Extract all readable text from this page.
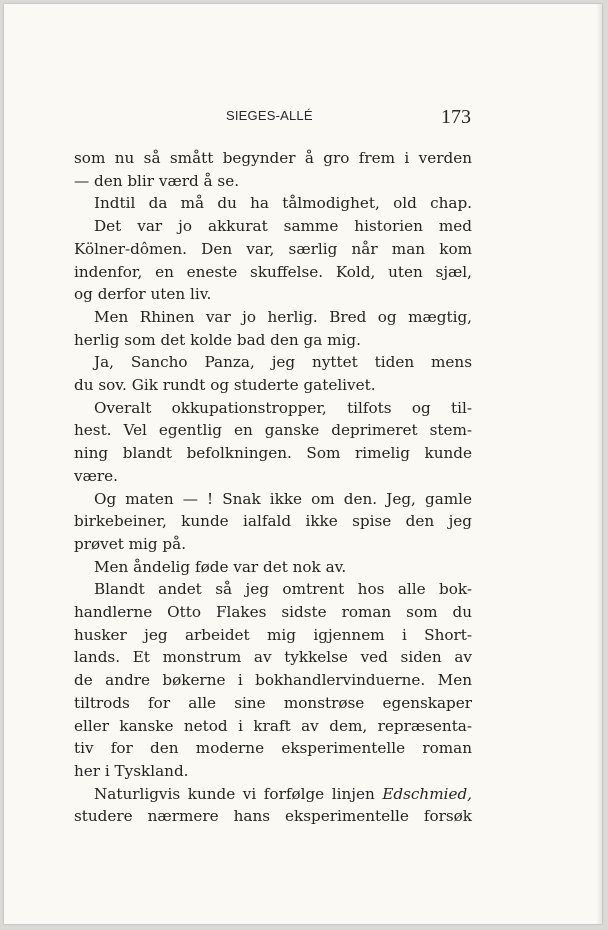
SIEGES-ALLÉ	173
som nu så smått begynder å gro frem i verden
— den blir værd å se.
Indtil da må du ha tålmodighet, old chap.
Det var jo akkurat samme historien med
Kölner-dômen. Den var, særlig når man kom
indenfor, en eneste skuffelse. Kold, uten sjæl,
og derfor uten liv.
Men Rhinen var jo herlig. Bred og mægtig,
herlig som det kolde bad den ga mig.
Ja, Sancho Panza, jeg nyttet tiden mens
du sov. Gik rundt og studerte gatelivet.
Overalt okkupationstropper, tilfots og til-
hest. Vel egentlig en ganske deprimeret stem-
ning blandt befolkningen. Som rimelig kunde
være.
Og maten — ! Snak ikke om den. Jeg, gamle
birkebeiner, kunde ialfald ikke spise den jeg
prøvet mig på.
Men åndelig føde var det nok av.
Blandt andet så jeg omtrent hos alle bok-
handlerne Otto Flakes sidste roman som du
husker jeg arbeidet mig igjennem i Short-
lands. Et monstrum av tykkelse ved siden av
de andre bøkerne i bokhandlervinduerne. Men
tiltrods for alle sine monstrøse egenskaper
eller kanske netod i kraft av dem, repræsenta-
tiv for den moderne eksperimentelle roman
her i Tyskland.
Naturligvis kunde vi forfølge linjen Edschmied,
studere nærmere hans eksperimentelle forsøk
